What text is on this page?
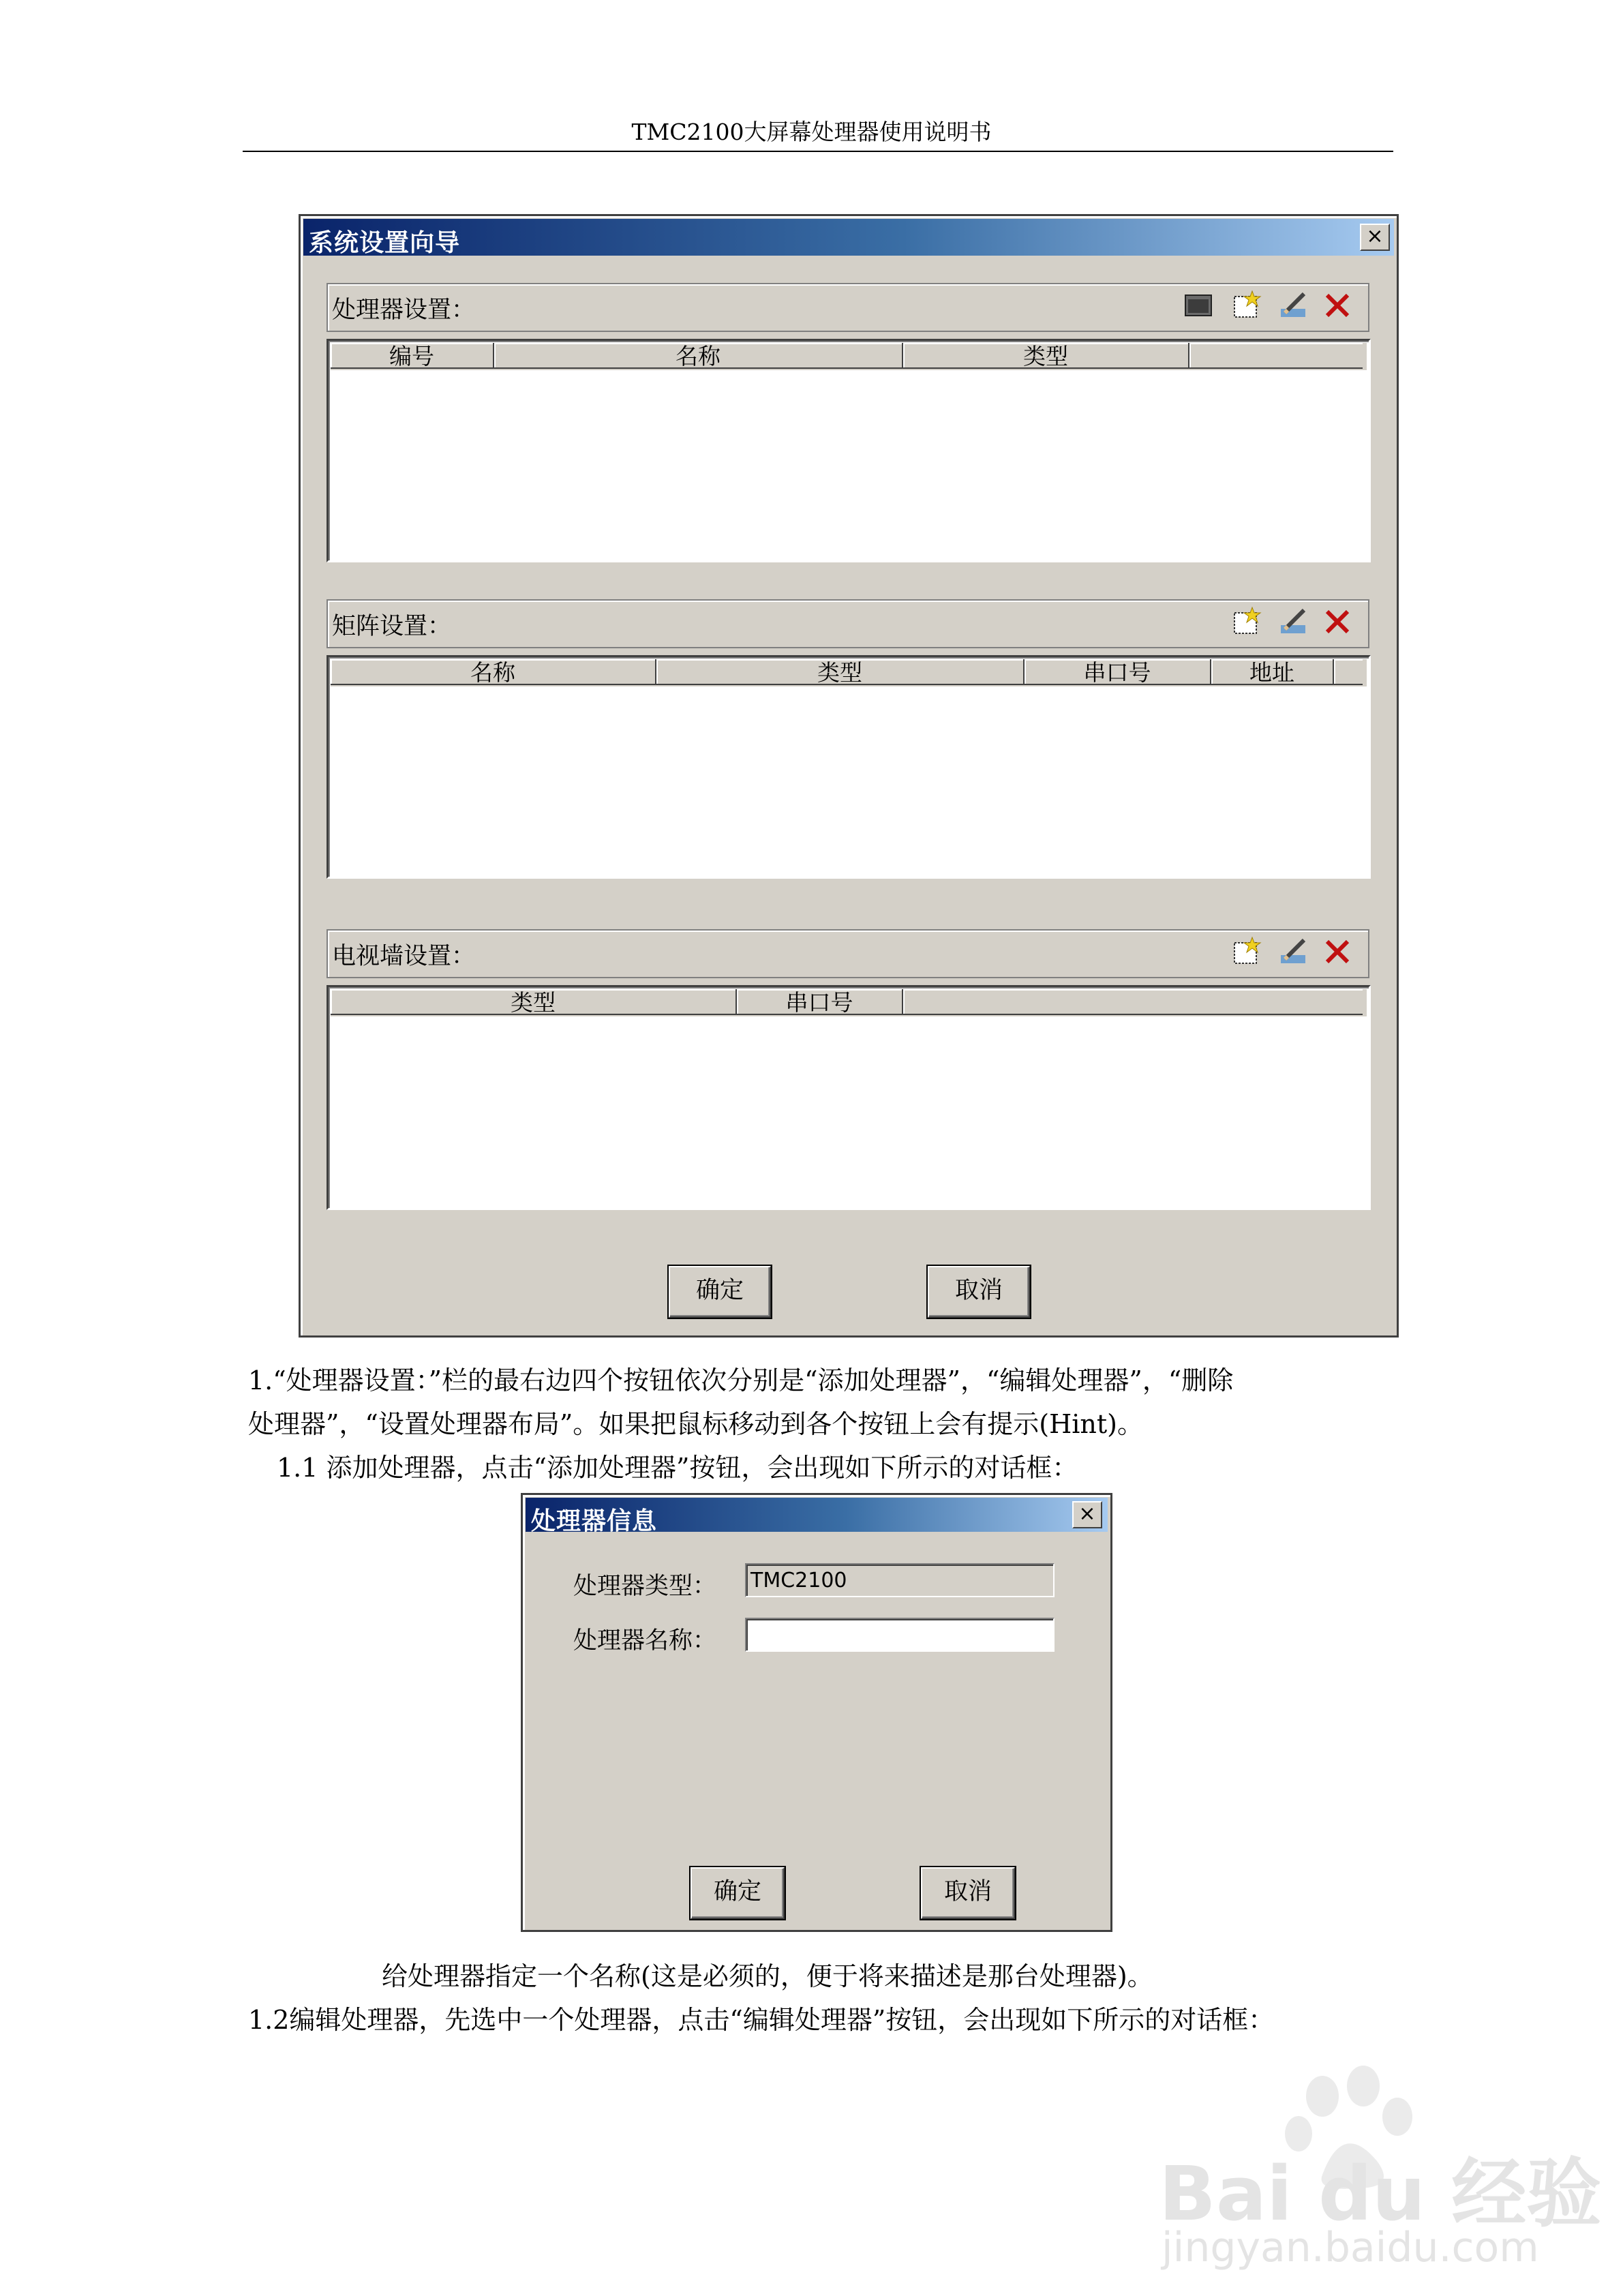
TMC2100大屏幕处理器使用说明书
系统设置向导	×
处理器设置：
编号	名称	类型
矩阵设置：
名称	类型	串口号	地址
电视墙设置：
类型	串口号
确定	取消
1.“处理器设置：”栏的最右边四个按钮依次分别是“添加处理器”，“编辑处理器”，“删除
处理器”，“设置处理器布局”。如果把鼠标移动到各个按钮上会有提示(Hint)。
1.1 添加处理器，点击“添加处理器”按钮，会出现如下所示的对话框：
处理器信息	×
处理器类型： TMC2100
处理器名称：
确定	取消
给处理器指定一个名称(这是必须的，便于将来描述是那台处理器)。
1.2编辑处理器，先选中一个处理器，点击“编辑处理器”按钮，会出现如下所示的对话框：
Bai du 经验
jingyan.baidu.com
